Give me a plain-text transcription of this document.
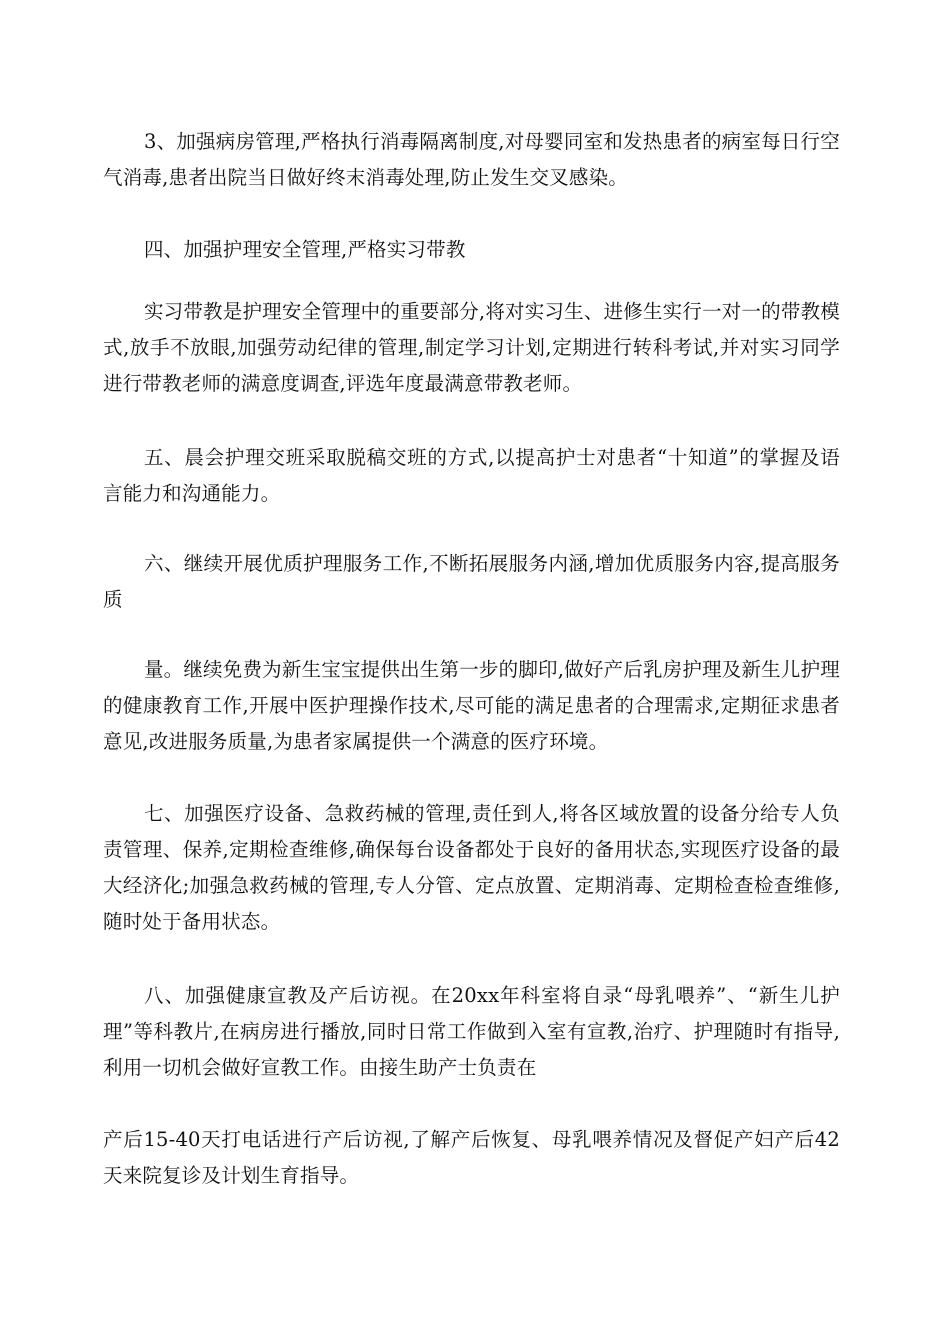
3、加强病房管理,严格执行消毒隔离制度,对母婴同室和发热患者的病室每日行空气消毒,患者出院当日做好终末消毒处理,防止发生交叉感染。

四、加强护理安全管理,严格实习带教

实习带教是护理安全管理中的重要部分,将对实习生、进修生实行一对一的带教模式,放手不放眼,加强劳动纪律的管理,制定学习计划,定期进行转科考试,并对实习同学进行带教老师的满意度调查,评选年度最满意带教老师。

五、晨会护理交班采取脱稿交班的方式,以提高护士对患者“十知道”的掌握及语言能力和沟通能力。

六、继续开展优质护理服务工作,不断拓展服务内涵,增加优质服务内容,提高服务质

量。继续免费为新生宝宝提供出生第一步的脚印,做好产后乳房护理及新生儿护理的健康教育工作,开展中医护理操作技术,尽可能的满足患者的合理需求,定期征求患者意见,改进服务质量,为患者家属提供一个满意的医疗环境。

七、加强医疗设备、急救药械的管理,责任到人,将各区域放置的设备分给专人负责管理、保养,定期检查维修,确保每台设备都处于良好的备用状态,实现医疗设备的最大经济化;加强急救药械的管理,专人分管、定点放置、定期消毒、定期检查检查维修,随时处于备用状态。

八、加强健康宣教及产后访视。在20xx年科室将自录“母乳喂养”、“新生儿护理”等科教片,在病房进行播放,同时日常工作做到入室有宣教,治疗、护理随时有指导,利用一切机会做好宣教工作。由接生助产士负责在

产后15-40天打电话进行产后访视,了解产后恢复、母乳喂养情况及督促产妇产后42天来院复诊及计划生育指导。
